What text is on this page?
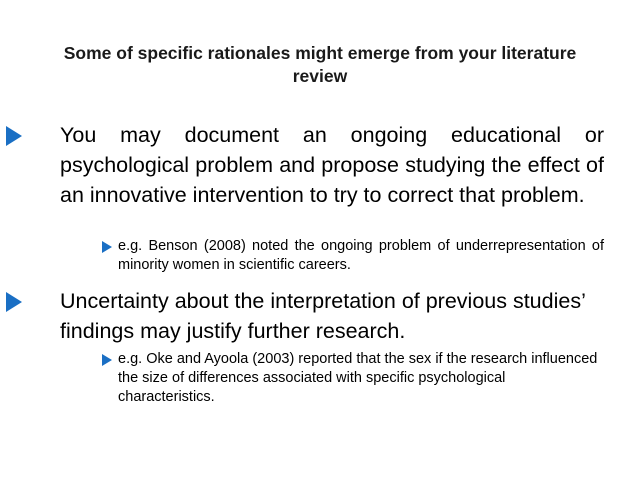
Some of specific rationales might emerge from your literature review
You may document an ongoing educational or psychological problem and propose studying the effect of an innovative intervention to try to correct that problem.
e.g. Benson (2008) noted the ongoing problem of underrepresentation of minority women in scientific careers.
Uncertainty about the interpretation of previous studies’ findings may justify further research.
e.g. Oke and Ayoola (2003) reported that the sex if the research influenced the size of differences associated with specific psychological characteristics.
